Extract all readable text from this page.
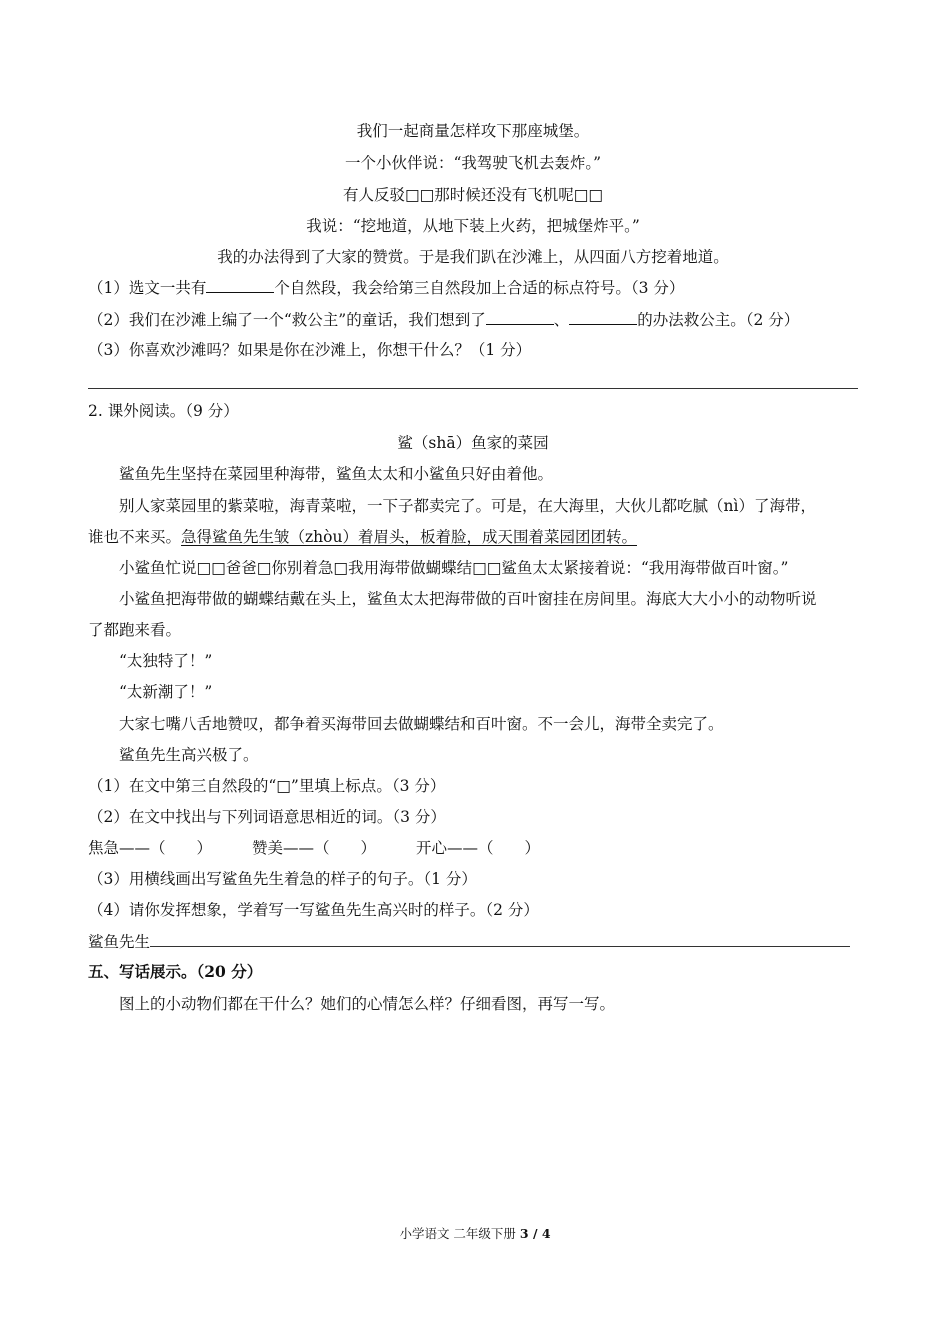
我们一起商量怎样攻下那座城堡。
一个小伙伴说：“我驾驶飞机去轰炸。”
有人反驳□□那时候还没有飞机呢□□
我说：“挖地道，从地下装上火药，把城堡炸平。”
我的办法得到了大家的赞赏。于是我们趴在沙滩上，从四面八方挖着地道。
（1）选文一共有	个自然段，我会给第三自然段加上合适的标点符号。（3 分）
（2）我们在沙滩上编了一个“救公主”的童话，我们想到了	、	的办法救公主。（2 分）
（3）你喜欢沙滩吗？如果是你在沙滩上，你想干什么？（1 分）
2. 课外阅读。（9 分）
鲨（shā）鱼家的菜园
鲨鱼先生坚持在菜园里种海带，鲨鱼太太和小鲨鱼只好由着他。
别人家菜园里的紫菜啦，海青菜啦，一下子都卖完了。可是，在大海里，大伙儿都吃腻（nì）了海带，
谁也不来买。急得鲨鱼先生皱（zhòu）着眉头，板着脸，成天围着菜园团团转。
小鲨鱼忙说□□爸爸□你别着急□我用海带做蝴蝶结□□鲨鱼太太紧接着说：“我用海带做百叶窗。”
小鲨鱼把海带做的蝴蝶结戴在头上，鲨鱼太太把海带做的百叶窗挂在房间里。海底大大小小的动物听说
了都跑来看。
“太独特了！”
“太新潮了！”
大家七嘴八舌地赞叹，都争着买海带回去做蝴蝶结和百叶窗。不一会儿，海带全卖完了。
鲨鱼先生高兴极了。
（1）在文中第三自然段的“□”里填上标点。（3 分）
（2）在文中找出与下列词语意思相近的词。（3 分）
焦急——（　　）	赞美——（　　）	开心——（　　）
（3）用横线画出写鲨鱼先生着急的样子的句子。（1 分）
（4）请你发挥想象，学着写一写鲨鱼先生高兴时的样子。（2 分）
鲨鱼先生
五、写话展示。（20 分）
图上的小动物们都在干什么？她们的心情怎么样？仔细看图，再写一写。
小学语文 二年级下册 3 / 4
